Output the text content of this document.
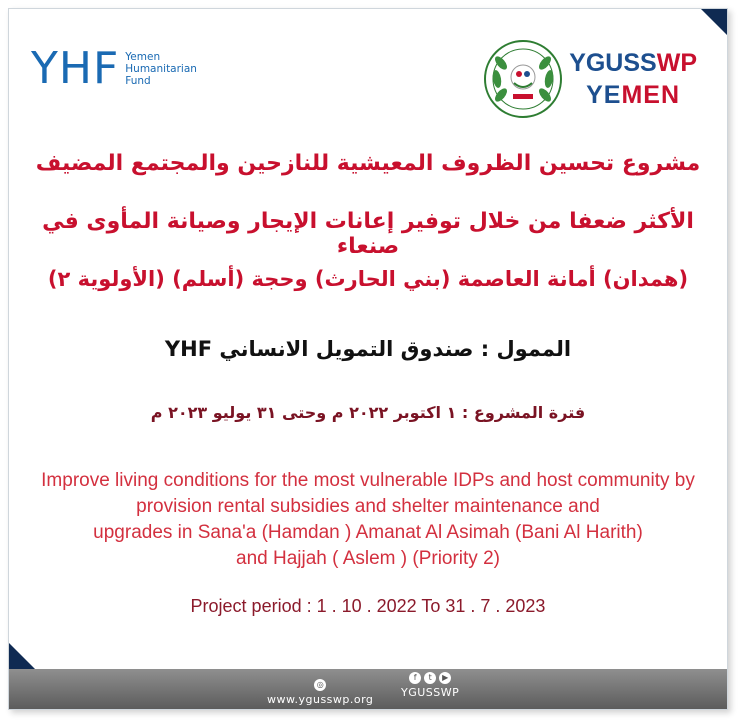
YHF Yemen
Humanitarian
Fund
YGUSSWP
YEMEN
مشروع تحسين الظروف المعيشية للنازحين والمجتمع المضيف
الأكثر ضعفا من خلال توفير إعانات الإيجار وصيانة المأوى في صنعاء
(همدان) أمانة العاصمة (بني الحارث) وحجة (أسلم) (الأولوية ٢)
الممول : صندوق التمويل الانساني YHF
فترة المشروع : ١ اكتوبر ٢٠٢٢ م وحتى ٣١ يوليو ٢٠٢٣ م
Improve living conditions for the most vulnerable IDPs and host community by
provision rental subsidies and shelter maintenance and
upgrades in Sana'a (Hamdan ) Amanat Al Asimah (Bani Al Harith)
and Hajjah ( Aslem ) (Priority 2)
Project period : 1 . 10 . 2022 To 31 . 7 . 2023
◎
www.ygusswp.org
f	t	▶
YGUSSWP
